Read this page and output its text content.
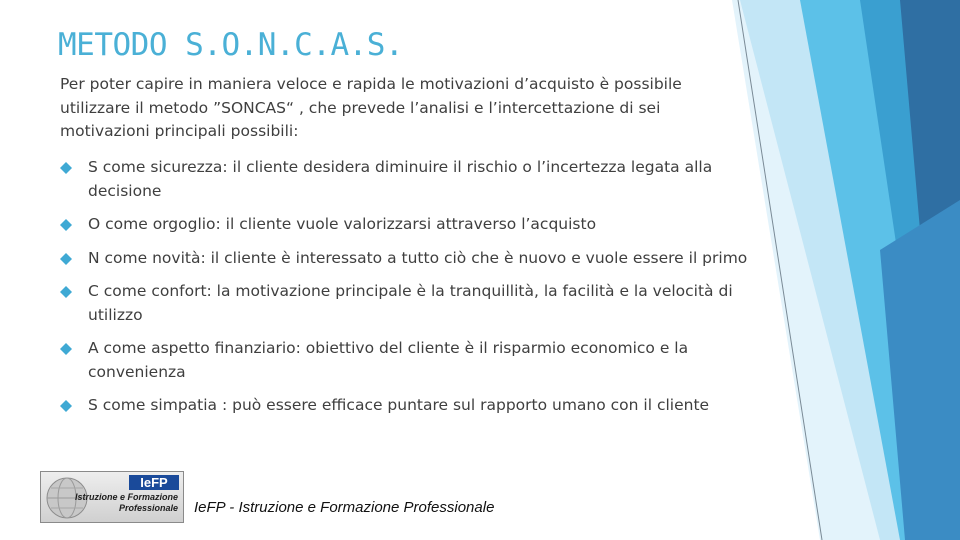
METODO S.O.N.C.A.S.

Per poter capire in maniera veloce e rapida le motivazioni d’acquisto è possibile utilizzare il metodo ”SONCAS“ , che prevede l’analisi e l’intercettazione di sei motivazioni principali possibili:

S come sicurezza: il cliente desidera diminuire il rischio o l’incertezza legata alla decisione
O come orgoglio: il cliente vuole valorizzarsi attraverso l’acquisto
N come novità: il cliente è interessato a tutto ciò che è nuovo e vuole essere il primo
C come confort: la motivazione principale è la tranquillità, la facilità e la velocità di utilizzo
A come aspetto finanziario: obiettivo del cliente è il risparmio economico e la convenienza
S come simpatia : può essere efficace puntare sul rapporto umano con il cliente
IeFP
Istruzione e Formazione
Professionale IeFP - Istruzione e Formazione Professionale
